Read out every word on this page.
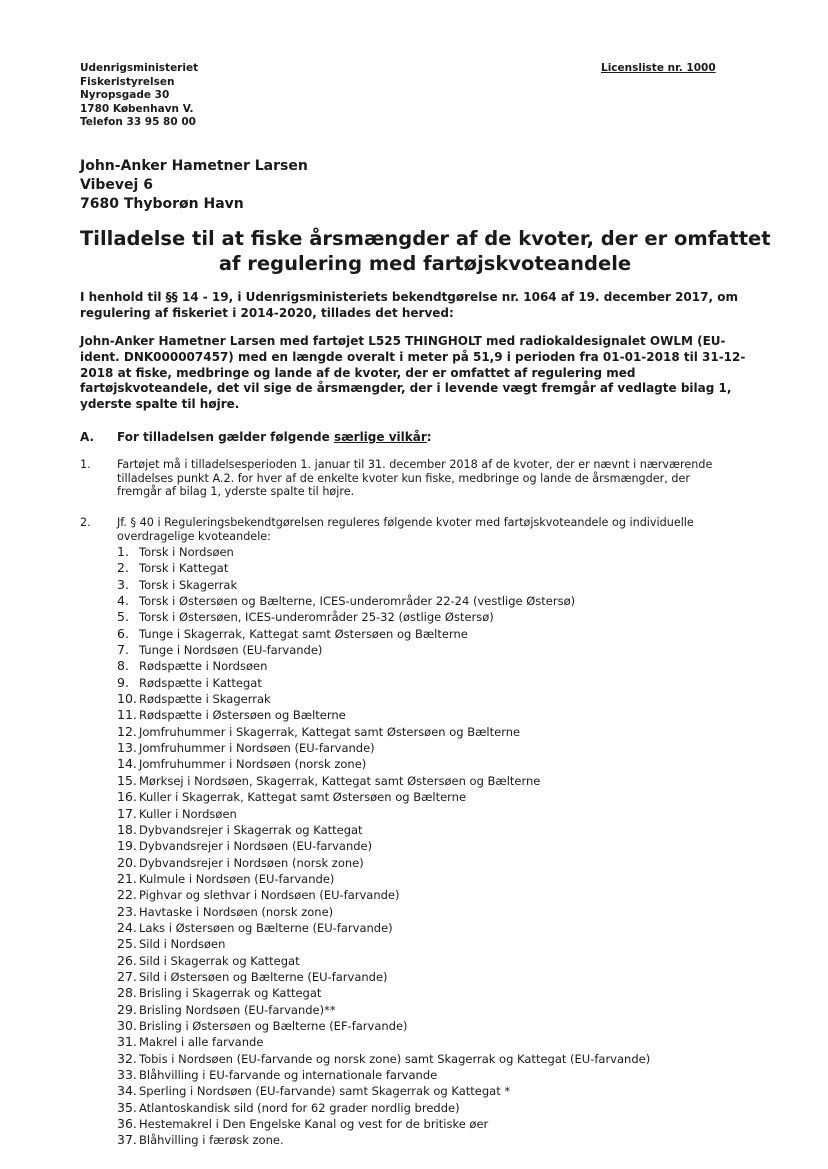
Udenrigsministeriet
Fiskeristyrelsen
Nyropsgade 30
1780 København V.
Telefon 33 95 80 00
Licensliste nr. 1000
John-Anker Hametner Larsen
Vibevej 6
7680 Thyborøn Havn
Tilladelse til at fiske årsmængder af de kvoter, der er omfattet
af regulering med fartøjskvoteandele
I henhold til §§ 14 - 19, i Udenrigsministeriets bekendtgørelse nr. 1064 af 19. december 2017, om
regulering af fiskeriet i 2014-2020, tillades det herved:
John-Anker Hametner Larsen med fartøjet L525 THINGHOLT med radiokaldesignalet OWLM (EU-
ident. DNK000007457) med en længde overalt i meter på 51,9 i perioden fra 01-01-2018 til 31-12-
2018 at fiske, medbringe og lande af de kvoter, der er omfattet af regulering med
fartøjskvoteandele, det vil sige de årsmængder, der i levende vægt fremgår af vedlagte bilag 1,
yderste spalte til højre.
A. For tilladelsen gælder følgende særlige vilkår:
1. Fartøjet må i tilladelsesperioden 1. januar til 31. december 2018 af de kvoter, der er nævnt i nærværende
tilladelses punkt A.2. for hver af de enkelte kvoter kun fiske, medbringe og lande de årsmængder, der
fremgår af bilag 1, yderste spalte til højre.
2. Jf. § 40 i Reguleringsbekendtgørelsen reguleres følgende kvoter med fartøjskvoteandele og individuelle
overdragelige kvoteandele:
1. Torsk i Nordsøen
2. Torsk i Kattegat
3. Torsk i Skagerrak
4. Torsk i Østersøen og Bælterne, ICES-underområder 22-24 (vestlige Østersø)
5. Torsk i Østersøen, ICES-underområder 25-32 (østlige Østersø)
6. Tunge i Skagerrak, Kattegat samt Østersøen og Bælterne
7. Tunge i Nordsøen (EU-farvande)
8. Rødspætte i Nordsøen
9. Rødspætte i Kattegat
10. Rødspætte i Skagerrak
11. Rødspætte i Østersøen og Bælterne
12. Jomfruhummer i Skagerrak, Kattegat samt Østersøen og Bælterne
13. Jomfruhummer i Nordsøen (EU-farvande)
14. Jomfruhummer i Nordsøen (norsk zone)
15. Mørksej i Nordsøen, Skagerrak, Kattegat samt Østersøen og Bælterne
16. Kuller i Skagerrak, Kattegat samt Østersøen og Bælterne
17. Kuller i Nordsøen
18. Dybvandsrejer i Skagerrak og Kattegat
19. Dybvandsrejer i Nordsøen (EU-farvande)
20. Dybvandsrejer i Nordsøen (norsk zone)
21. Kulmule i Nordsøen (EU-farvande)
22. Pighvar og slethvar i Nordsøen (EU-farvande)
23. Havtaske i Nordsøen (norsk zone)
24. Laks i Østersøen og Bælterne (EU-farvande)
25. Sild i Nordsøen
26. Sild i Skagerrak og Kattegat
27. Sild i Østersøen og Bælterne (EU-farvande)
28. Brisling i Skagerrak og Kattegat
29. Brisling Nordsøen (EU-farvande)**
30. Brisling i Østersøen og Bælterne (EF-farvande)
31. Makrel i alle farvande
32. Tobis i Nordsøen (EU-farvande og norsk zone) samt Skagerrak og Kattegat (EU-farvande)
33. Blåhvilling i EU-farvande og internationale farvande
34. Sperling i Nordsøen (EU-farvande) samt Skagerrak og Kattegat *
35. Atlantoskandisk sild (nord for 62 grader nordlig bredde)
36. Hestemakrel i Den Engelske Kanal og vest for de britiske øer
37. Blåhvilling i færøsk zone.
